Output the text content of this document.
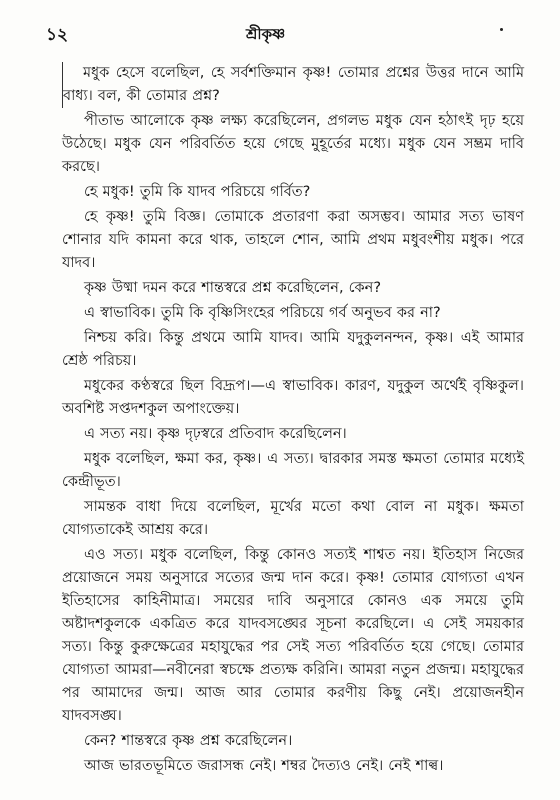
১২	শ্রীকৃষ্ণ

মধুক হেসে বলেছিল, হে সর্বশক্তিমান কৃষ্ণ! তোমার প্রশ্নের উত্তর দানে আমি বাধ্য। বল, কী তোমার প্রশ্ন?

পীতাভ আলোকে কৃষ্ণ লক্ষ্য করেছিলেন, প্রগলভ মধুক যেন হঠাৎই দৃঢ় হয়ে উঠেছে। মধুক যেন পরিবর্তিত হয়ে গেছে মুহূর্তের মধ্যে। মধুক যেন সম্ভ্রম দাবি করছে।

হে মধুক! তুমি কি যাদব পরিচয়ে গর্বিত?

হে কৃষ্ণ! তুমি বিজ্ঞ। তোমাকে প্রতারণা করা অসম্ভব। আমার সত্য ভাষণ শোনার যদি কামনা করে থাক, তাহলে শোন, আমি প্রথম মধুবংশীয় মধুক। পরে যাদব।

কৃষ্ণ উষ্মা দমন করে শান্তস্বরে প্রশ্ন করেছিলেন, কেন?

এ স্বাভাবিক। তুমি কি বৃষ্ণিসিংহের পরিচয়ে গর্ব অনুভব কর না?

নিশ্চয় করি। কিন্তু প্রথমে আমি যাদব। আমি যদুকুলনন্দন, কৃষ্ণ। এই আমার শ্রেষ্ঠ পরিচয়।

মধুকের কণ্ঠস্বরে ছিল বিদ্রূপ।—এ স্বাভাবিক। কারণ, যদুকুল অর্থেই বৃষ্ণিকুল। অবশিষ্ট সপ্তদশকুল অপাংক্তেয়।

এ সত্য নয়। কৃষ্ণ দৃঢ়স্বরে প্রতিবাদ করেছিলেন।

মধুক বলেছিল, ক্ষমা কর, কৃষ্ণ। এ সত্য। দ্বারকার সমস্ত ক্ষমতা তোমার মধ্যেই কেন্দ্রীভূত।

সামন্তক বাধা দিয়ে বলেছিল, মূর্খের মতো কথা বোল না মধুক। ক্ষমতা যোগ্যতাকেই আশ্রয় করে।

এও সত্য। মধুক বলেছিল, কিন্তু কোনও সত্যই শাশ্বত নয়। ইতিহাস নিজের প্রয়োজনে সময় অনুসারে সত্যের জন্ম দান করে। কৃষ্ণ! তোমার যোগ্যতা এখন ইতিহাসের কাহিনীমাত্র। সময়ের দাবি অনুসারে কোনও এক সময়ে তুমি অষ্টাদশকুলকে একত্রিত করে যাদবসঙ্ঘের সূচনা করেছিলে। এ সেই সময়কার সত্য। কিন্তু কুরুক্ষেত্রের মহাযুদ্ধের পর সেই সত্য পরিবর্তিত হয়ে গেছে। তোমার যোগ্যতা আমরা—নবীনেরা স্বচক্ষে প্রত্যক্ষ করিনি। আমরা নতুন প্রজন্ম। মহাযুদ্ধের পর আমাদের জন্ম। আজ আর তোমার করণীয় কিছু নেই। প্রয়োজনহীন যাদবসঙ্ঘ।

কেন? শান্তস্বরে কৃষ্ণ প্রশ্ন করেছিলেন।

আজ ভারতভূমিতে জরাসন্ধ নেই। শম্বর দৈত্যও নেই। নেই শাল্ব।
